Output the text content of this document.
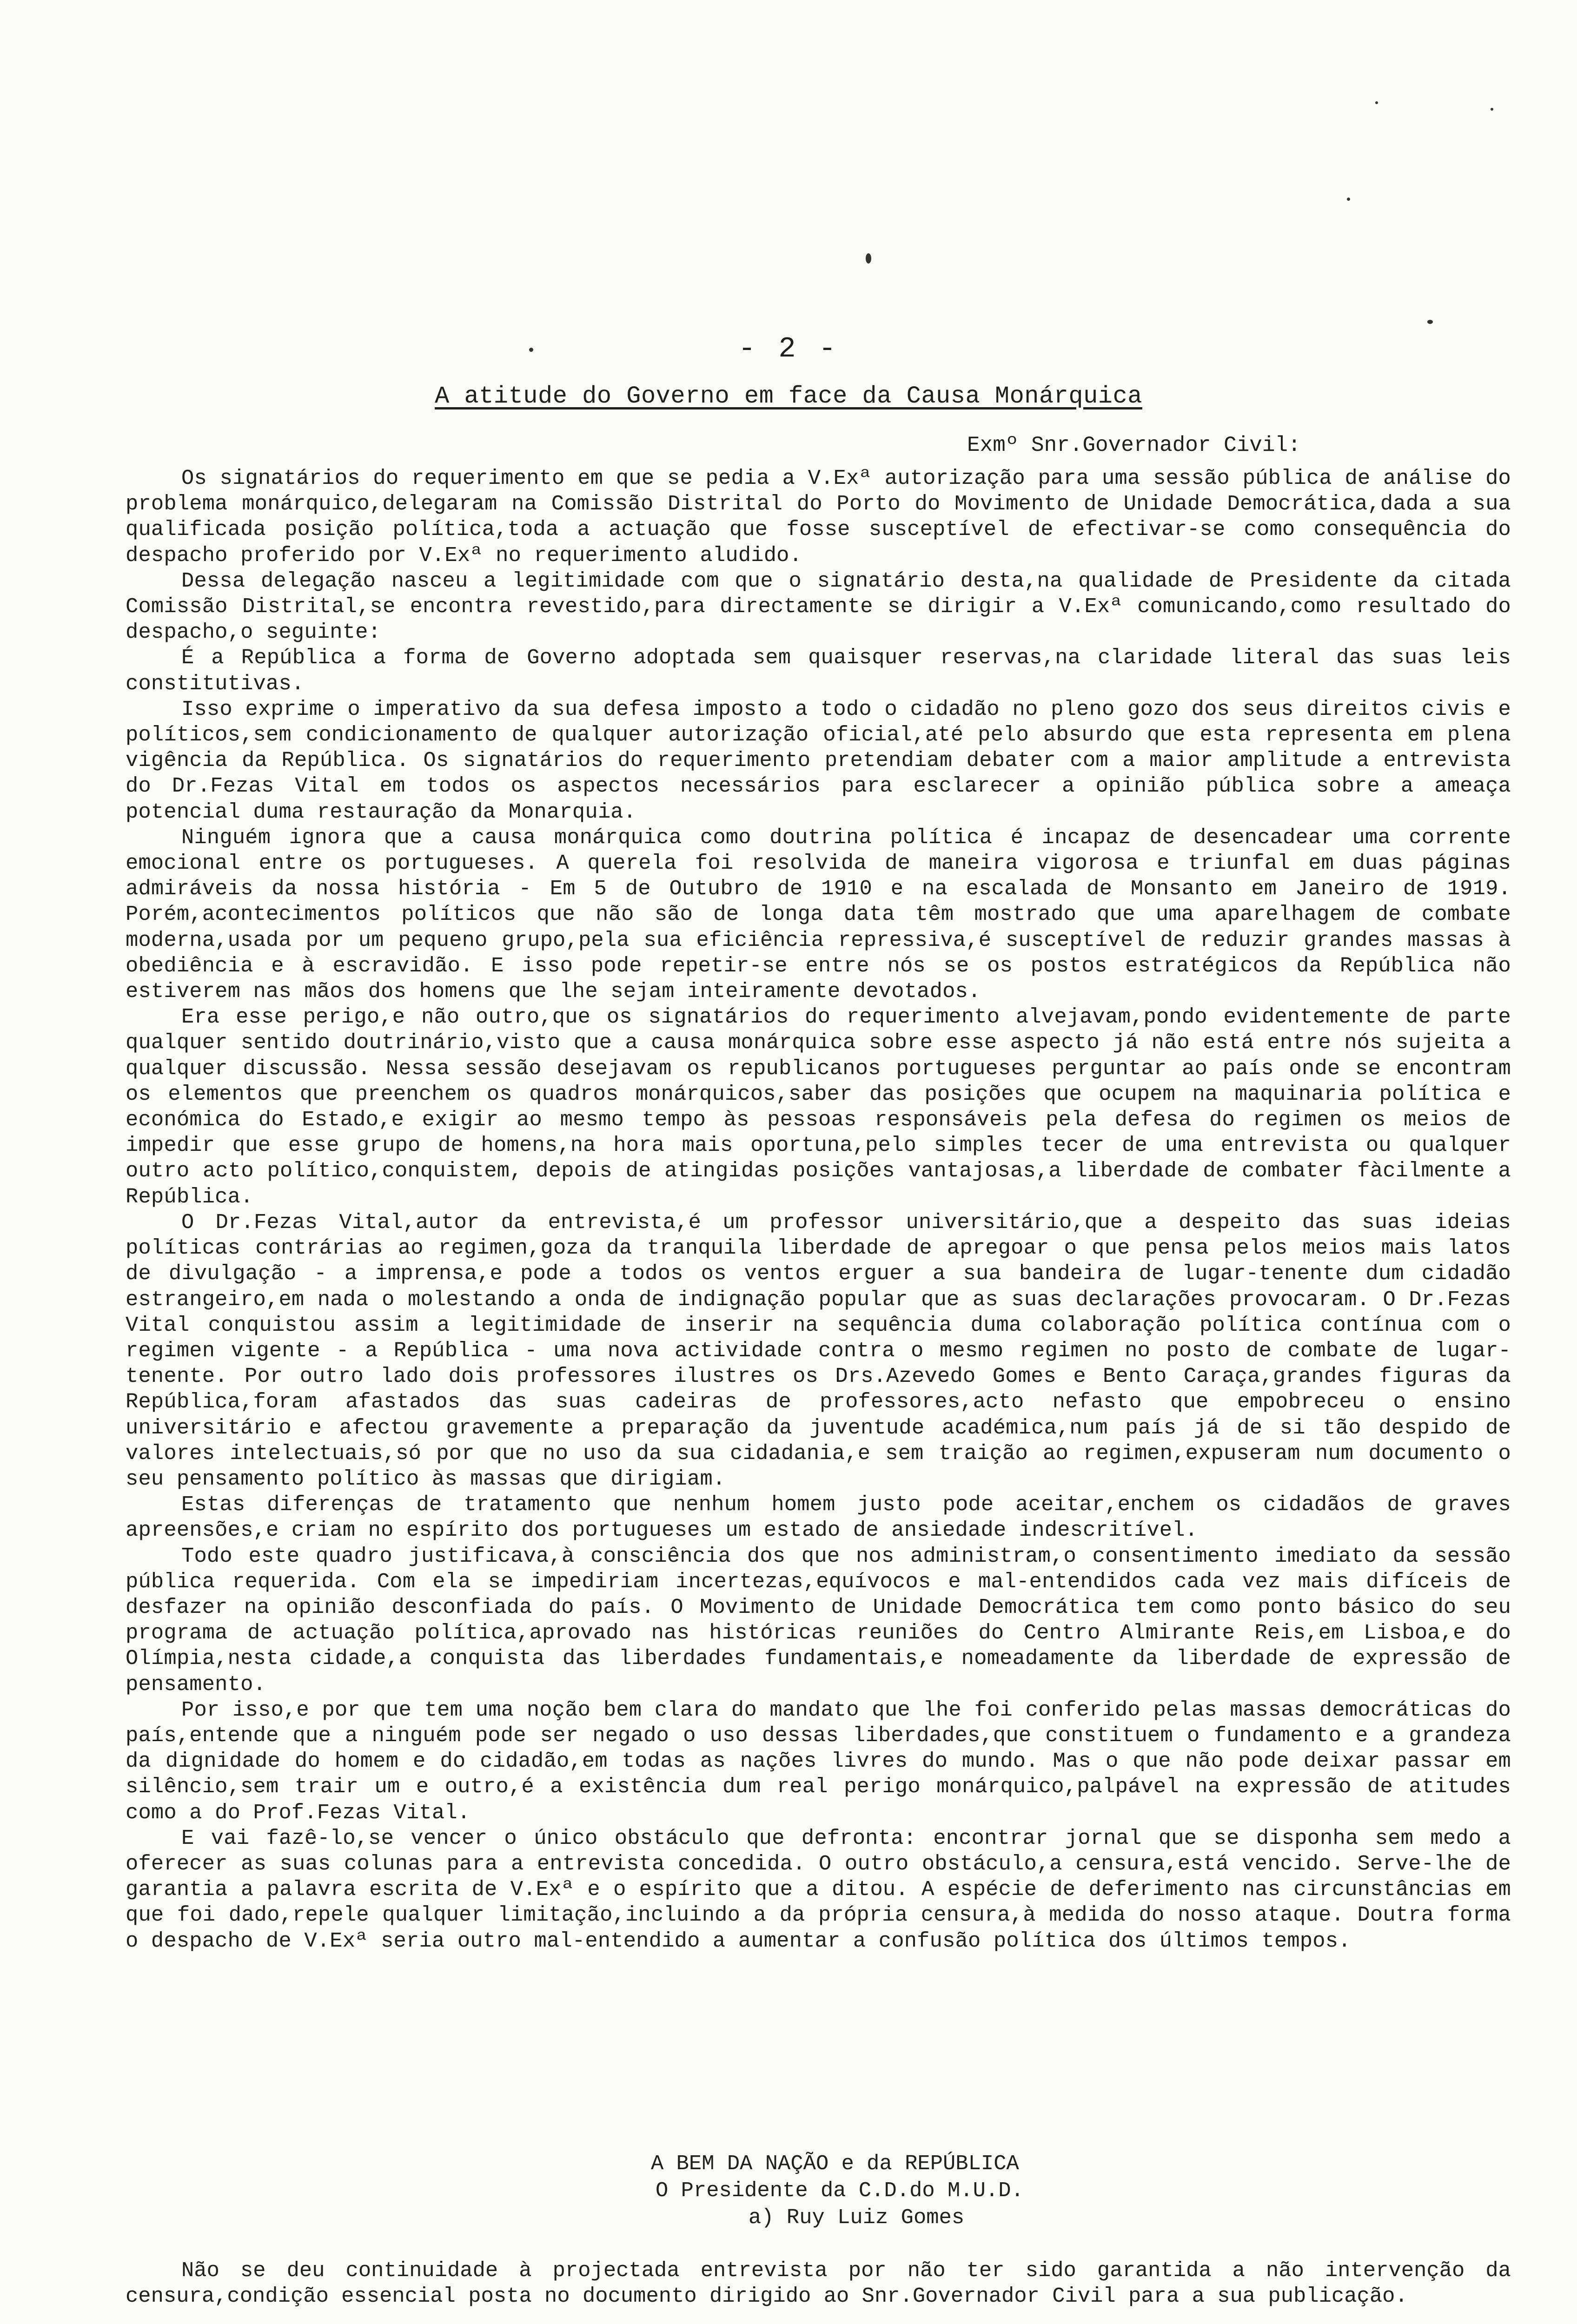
- 2 -
A atitude do Governo em face da Causa Monárquica
Exmº Snr.Governador Civil:

Os signatários do requerimento em que se pedia a V.Exª autorização para uma sessão pública de análise do problema monárquico,delegaram na Comissão Distrital do Porto do Movimento de Unidade Democrática,dada a sua qualificada posição política,toda a actuação que fosse susceptível de efectivar-se como consequência do despacho proferido por V.Exª no requerimento aludido.

Dessa delegação nasceu a legitimidade com que o signatário desta,na qualidade de Presidente da citada Comissão Distrital,se encontra revestido,para directamente se dirigir a V.Exª comunicando,como resultado do despacho,o seguinte:

É a República a forma de Governo adoptada sem quaisquer reservas,na claridade literal das suas leis constitutivas.

Isso exprime o imperativo da sua defesa imposto a todo o cidadão no pleno gozo dos seus direitos civis e políticos,sem condicionamento de qualquer autorização oficial,até pelo absurdo que esta representa em plena vigência da República. Os signatários do requerimento pretendiam debater com a maior amplitude a entrevista do Dr.Fezas Vital em todos os aspectos necessários para esclarecer a opinião pública sobre a ameaça potencial duma restauração da Monarquia.

Ninguém ignora que a causa monárquica como doutrina política é incapaz de desencadear uma corrente emocional entre os portugueses. A querela foi resolvida de maneira vigorosa e triunfal em duas páginas admiráveis da nossa história - Em 5 de Outubro de 1910 e na escalada de Monsanto em Janeiro de 1919. Porém,acontecimentos políticos que não são de longa data têm mostrado que uma aparelhagem de combate moderna,usada por um pequeno grupo,pela sua eficiência repressiva,é susceptível de reduzir grandes massas à obediência e à escravidão. E isso pode repetir-se entre nós se os postos estratégicos da República não estiverem nas mãos dos homens que lhe sejam inteiramente devotados.

Era esse perigo,e não outro,que os signatários do requerimento alvejavam,pondo evidentemente de parte qualquer sentido doutrinário,visto que a causa monárquica sobre esse aspecto já não está entre nós sujeita a qualquer discussão. Nessa sessão desejavam os republicanos portugueses perguntar ao país onde se encontram os elementos que preenchem os quadros monárquicos,saber das posições que ocupem na maquinaria política e económica do Estado,e exigir ao mesmo tempo às pessoas responsáveis pela defesa do regimen os meios de impedir que esse grupo de homens,na hora mais oportuna,pelo simples tecer de uma entrevista ou qualquer outro acto político,conquistem, depois de atingidas posições vantajosas,a liberdade de combater fàcilmente a República.

O Dr.Fezas Vital,autor da entrevista,é um professor universitário,que a despeito das suas ideias políticas contrárias ao regimen,goza da tranquila liberdade de apregoar o que pensa pelos meios mais latos de divulgação - a imprensa,e pode a todos os ventos erguer a sua bandeira de lugar-tenente dum cidadão estrangeiro,em nada o molestando a onda de indignação popular que as suas declarações provocaram. O Dr.Fezas Vital conquistou assim a legitimidade de inserir na sequência duma colaboração política contínua com o regimen vigente - a República - uma nova actividade contra o mesmo regimen no posto de combate de lugar-tenente. Por outro lado dois professores ilustres os Drs.Azevedo Gomes e Bento Caraça,grandes figuras da República,foram afastados das suas cadeiras de professores,acto nefasto que empobreceu o ensino universitário e afectou gravemente a preparação da juventude académica,num país já de si tão despido de valores intelectuais,só por que no uso da sua cidadania,e sem traição ao regimen,expuseram num documento o seu pensamento político às massas que dirigiam.

Estas diferenças de tratamento que nenhum homem justo pode aceitar,enchem os cidadãos de graves apreensões,e criam no espírito dos portugueses um estado de ansiedade indescritível.

Todo este quadro justificava,à consciência dos que nos administram,o consentimento imediato da sessão pública requerida. Com ela se impediriam incertezas,equívocos e mal-entendidos cada vez mais difíceis de desfazer na opinião desconfiada do país. O Movimento de Unidade Democrática tem como ponto básico do seu programa de actuação política,aprovado nas históricas reuniões do Centro Almirante Reis,em Lisboa,e do Olímpia,nesta cidade,a conquista das liberdades fundamentais,e nomeadamente da liberdade de expressão de pensamento.

Por isso,e por que tem uma noção bem clara do mandato que lhe foi conferido pelas massas democráticas do país,entende que a ninguém pode ser negado o uso dessas liberdades,que constituem o fundamento e a grandeza da dignidade do homem e do cidadão,em todas as nações livres do mundo. Mas o que não pode deixar passar em silêncio,sem trair um e outro,é a existência dum real perigo monárquico,palpável na expressão de atitudes como a do Prof.Fezas Vital.

E vai fazê-lo,se vencer o único obstáculo que defronta: encontrar jornal que se disponha sem medo a oferecer as suas colunas para a entrevista concedida. O outro obstáculo,a censura,está vencido. Serve-lhe de garantia a palavra escrita de V.Exª e o espírito que a ditou. A espécie de deferimento nas circunstâncias em que foi dado,repele qualquer limitação,incluindo a da própria censura,à medida do nosso ataque. Doutra forma o despacho de V.Exª seria outro mal-entendido a aumentar a confusão política dos últimos tempos.

A BEM DA NAÇÃO e da REPÚBLICA
O Presidente da C.D.do M.U.D.
a) Ruy Luiz Gomes
Não se deu continuidade à projectada entrevista por não ter sido garantida a não intervenção da censura,condição essencial posta no documento dirigido ao Snr.Governador Civil para a sua publicação.
